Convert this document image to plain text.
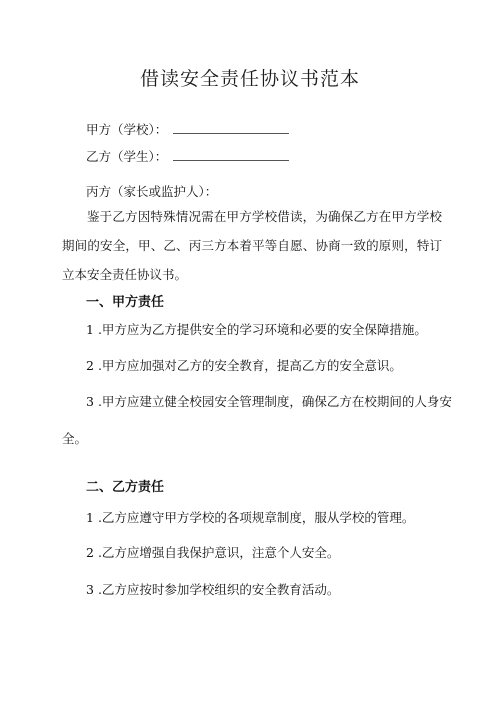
借读安全责任协议书范本
甲方（学校）：
乙方（学生）：
丙方（家长或监护人）：
鉴于乙方因特殊情况需在甲方学校借读，为确保乙方在甲方学校期间的安全，甲、乙、丙三方本着平等自愿、协商一致的原则，特订立本安全责任协议书。
一、甲方责任
1 .甲方应为乙方提供安全的学习环境和必要的安全保障措施。
2 .甲方应加强对乙方的安全教育，提高乙方的安全意识。
3 .甲方应建立健全校园安全管理制度，确保乙方在校期间的人身安
全。
二、乙方责任
1 .乙方应遵守甲方学校的各项规章制度，服从学校的管理。
2 .乙方应增强自我保护意识，注意个人安全。
3 .乙方应按时参加学校组织的安全教育活动。
